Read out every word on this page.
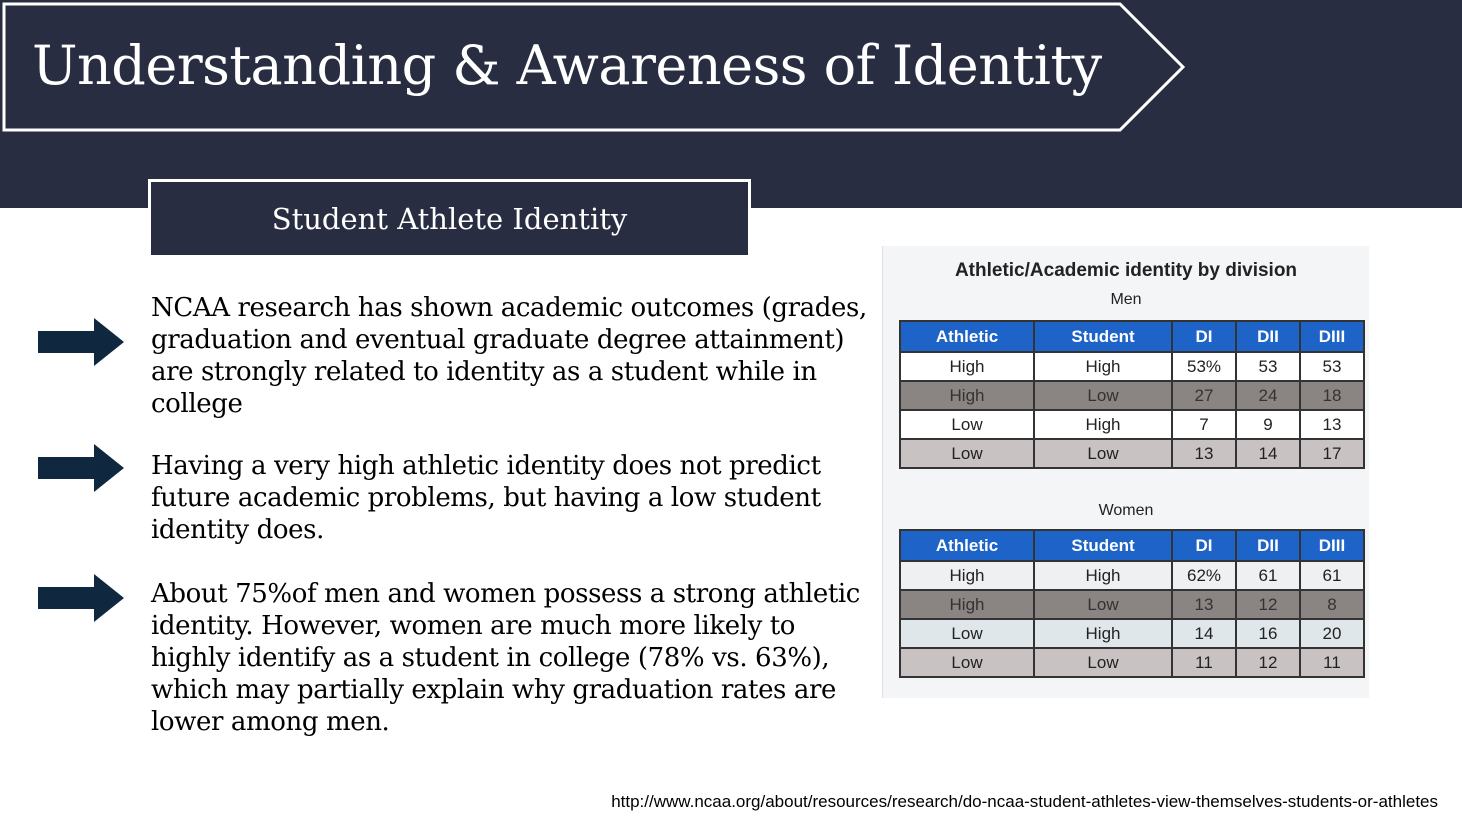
Understanding & Awareness of Identity
Student Athlete Identity
NCAA research has shown academic outcomes (grades, graduation and eventual graduate degree attainment) are strongly related to identity as a student while in college
Having a very high athletic identity does not predict future academic problems, but having a low student identity does.
About 75%of men and women possess a strong athletic identity. However, women are much more likely to highly identify as a student in college (78% vs. 63%), which may partially explain why graduation rates are lower among men.
Athletic/Academic identity by division
Men
Athletic	Student	DI	DII	DIII
High	High	53%	53	53
High	Low	27	24	18
Low	High	7	9	13
Low	Low	13	14	17
Women
Athletic	Student	DI	DII	DIII
High	High	62%	61	61
High	Low	13	12	8
Low	High	14	16	20
Low	Low	11	12	11
http://www.ncaa.org/about/resources/research/do-ncaa-student-athletes-view-themselves-students-or-athletes
